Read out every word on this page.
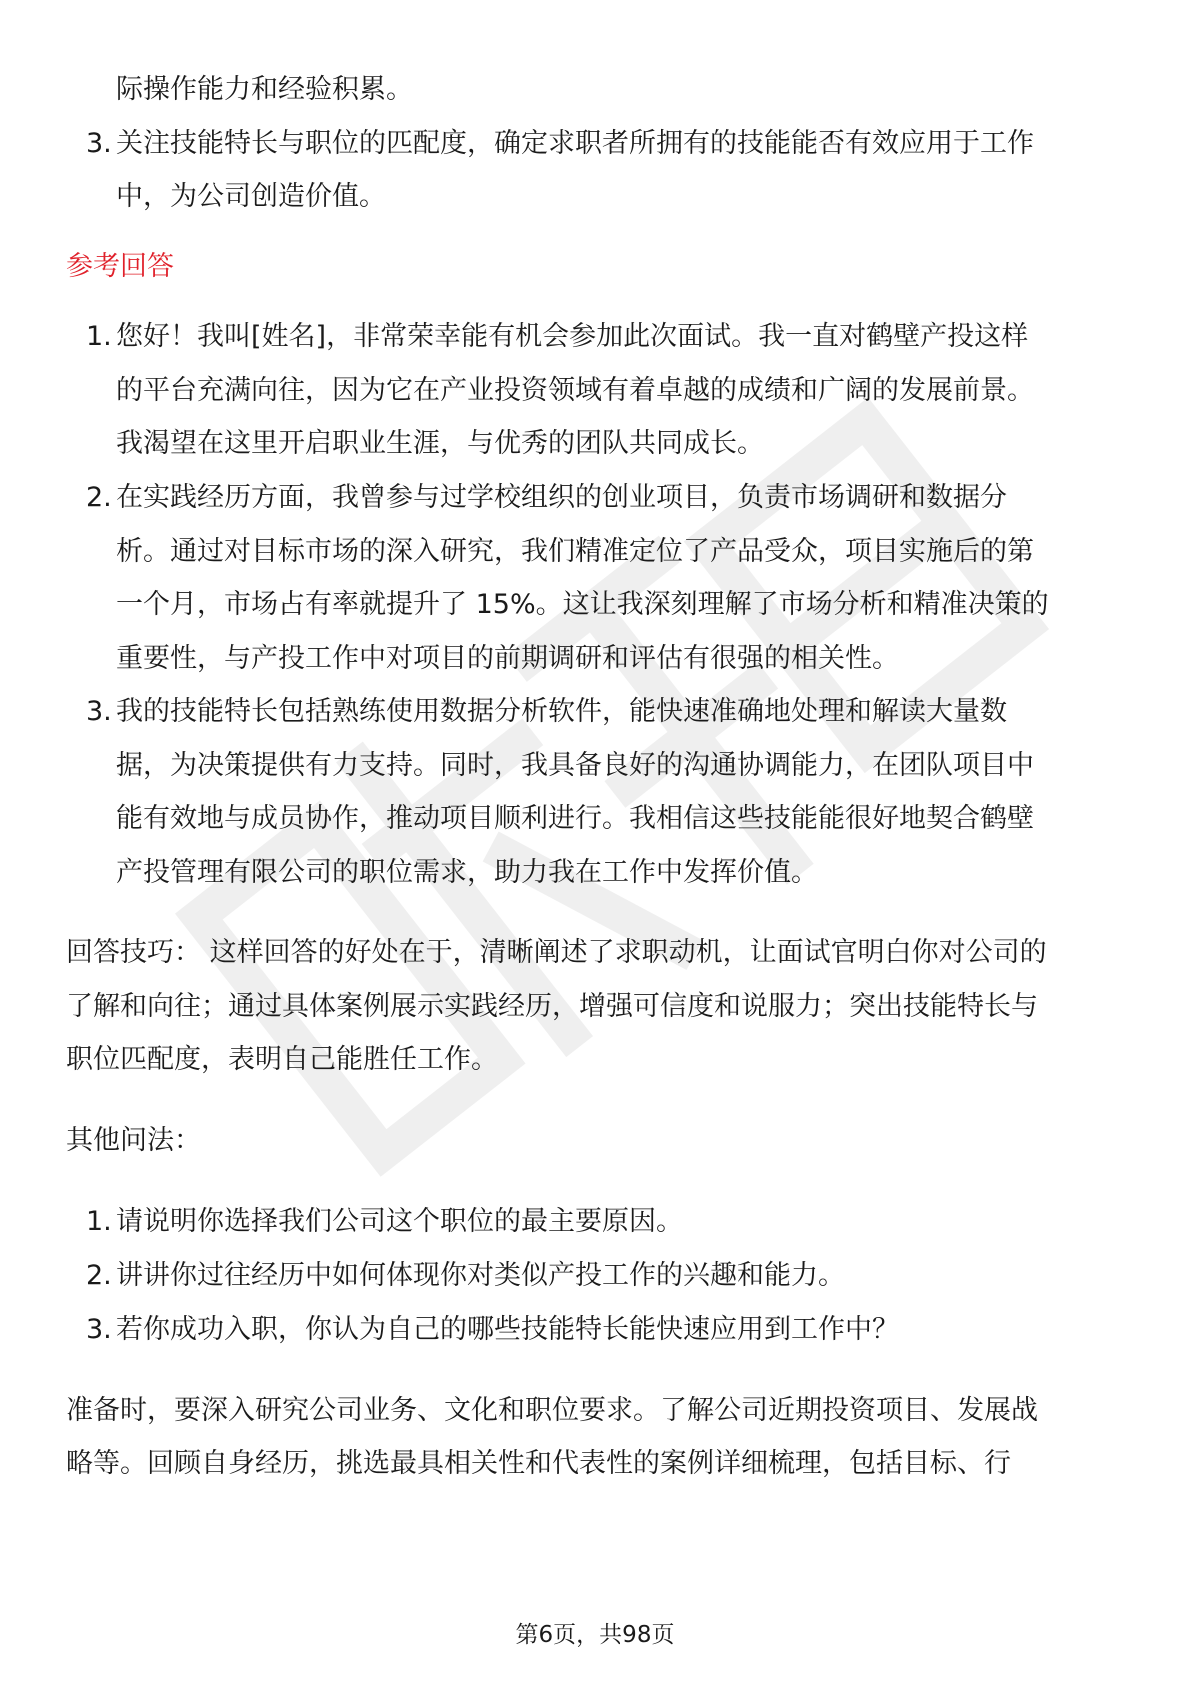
际操作能力和经验积累。
3. 关注技能特长与职位的匹配度，确定求职者所拥有的技能能否有效应用于工作
中，为公司创造价值。
参考回答
1. 您好！我叫[姓名]，非常荣幸能有机会参加此次面试。我一直对鹤壁产投这样
的平台充满向往，因为它在产业投资领域有着卓越的成绩和广阔的发展前景。
我渴望在这里开启职业生涯，与优秀的团队共同成长。
2. 在实践经历方面，我曾参与过学校组织的创业项目，负责市场调研和数据分
析。通过对目标市场的深入研究，我们精准定位了产品受众，项目实施后的第
一个月，市场占有率就提升了 15%。这让我深刻理解了市场分析和精准决策的
重要性，与产投工作中对项目的前期调研和评估有很强的相关性。
3. 我的技能特长包括熟练使用数据分析软件，能快速准确地处理和解读大量数
据，为决策提供有力支持。同时，我具备良好的沟通协调能力，在团队项目中
能有效地与成员协作，推动项目顺利进行。我相信这些技能能很好地契合鹤壁
产投管理有限公司的职位需求，助力我在工作中发挥价值。
回答技巧： 这样回答的好处在于，清晰阐述了求职动机，让面试官明白你对公司的
了解和向往；通过具体案例展示实践经历，增强可信度和说服力；突出技能特长与
职位匹配度，表明自己能胜任工作。
其他问法：
1. 请说明你选择我们公司这个职位的最主要原因。
2. 讲讲你过往经历中如何体现你对类似产投工作的兴趣和能力。
3. 若你成功入职，你认为自己的哪些技能特长能快速应用到工作中？
准备时，要深入研究公司业务、文化和职位要求。了解公司近期投资项目、发展战
略等。回顾自身经历，挑选最具相关性和代表性的案例详细梳理，包括目标、行
第6页，共98页
